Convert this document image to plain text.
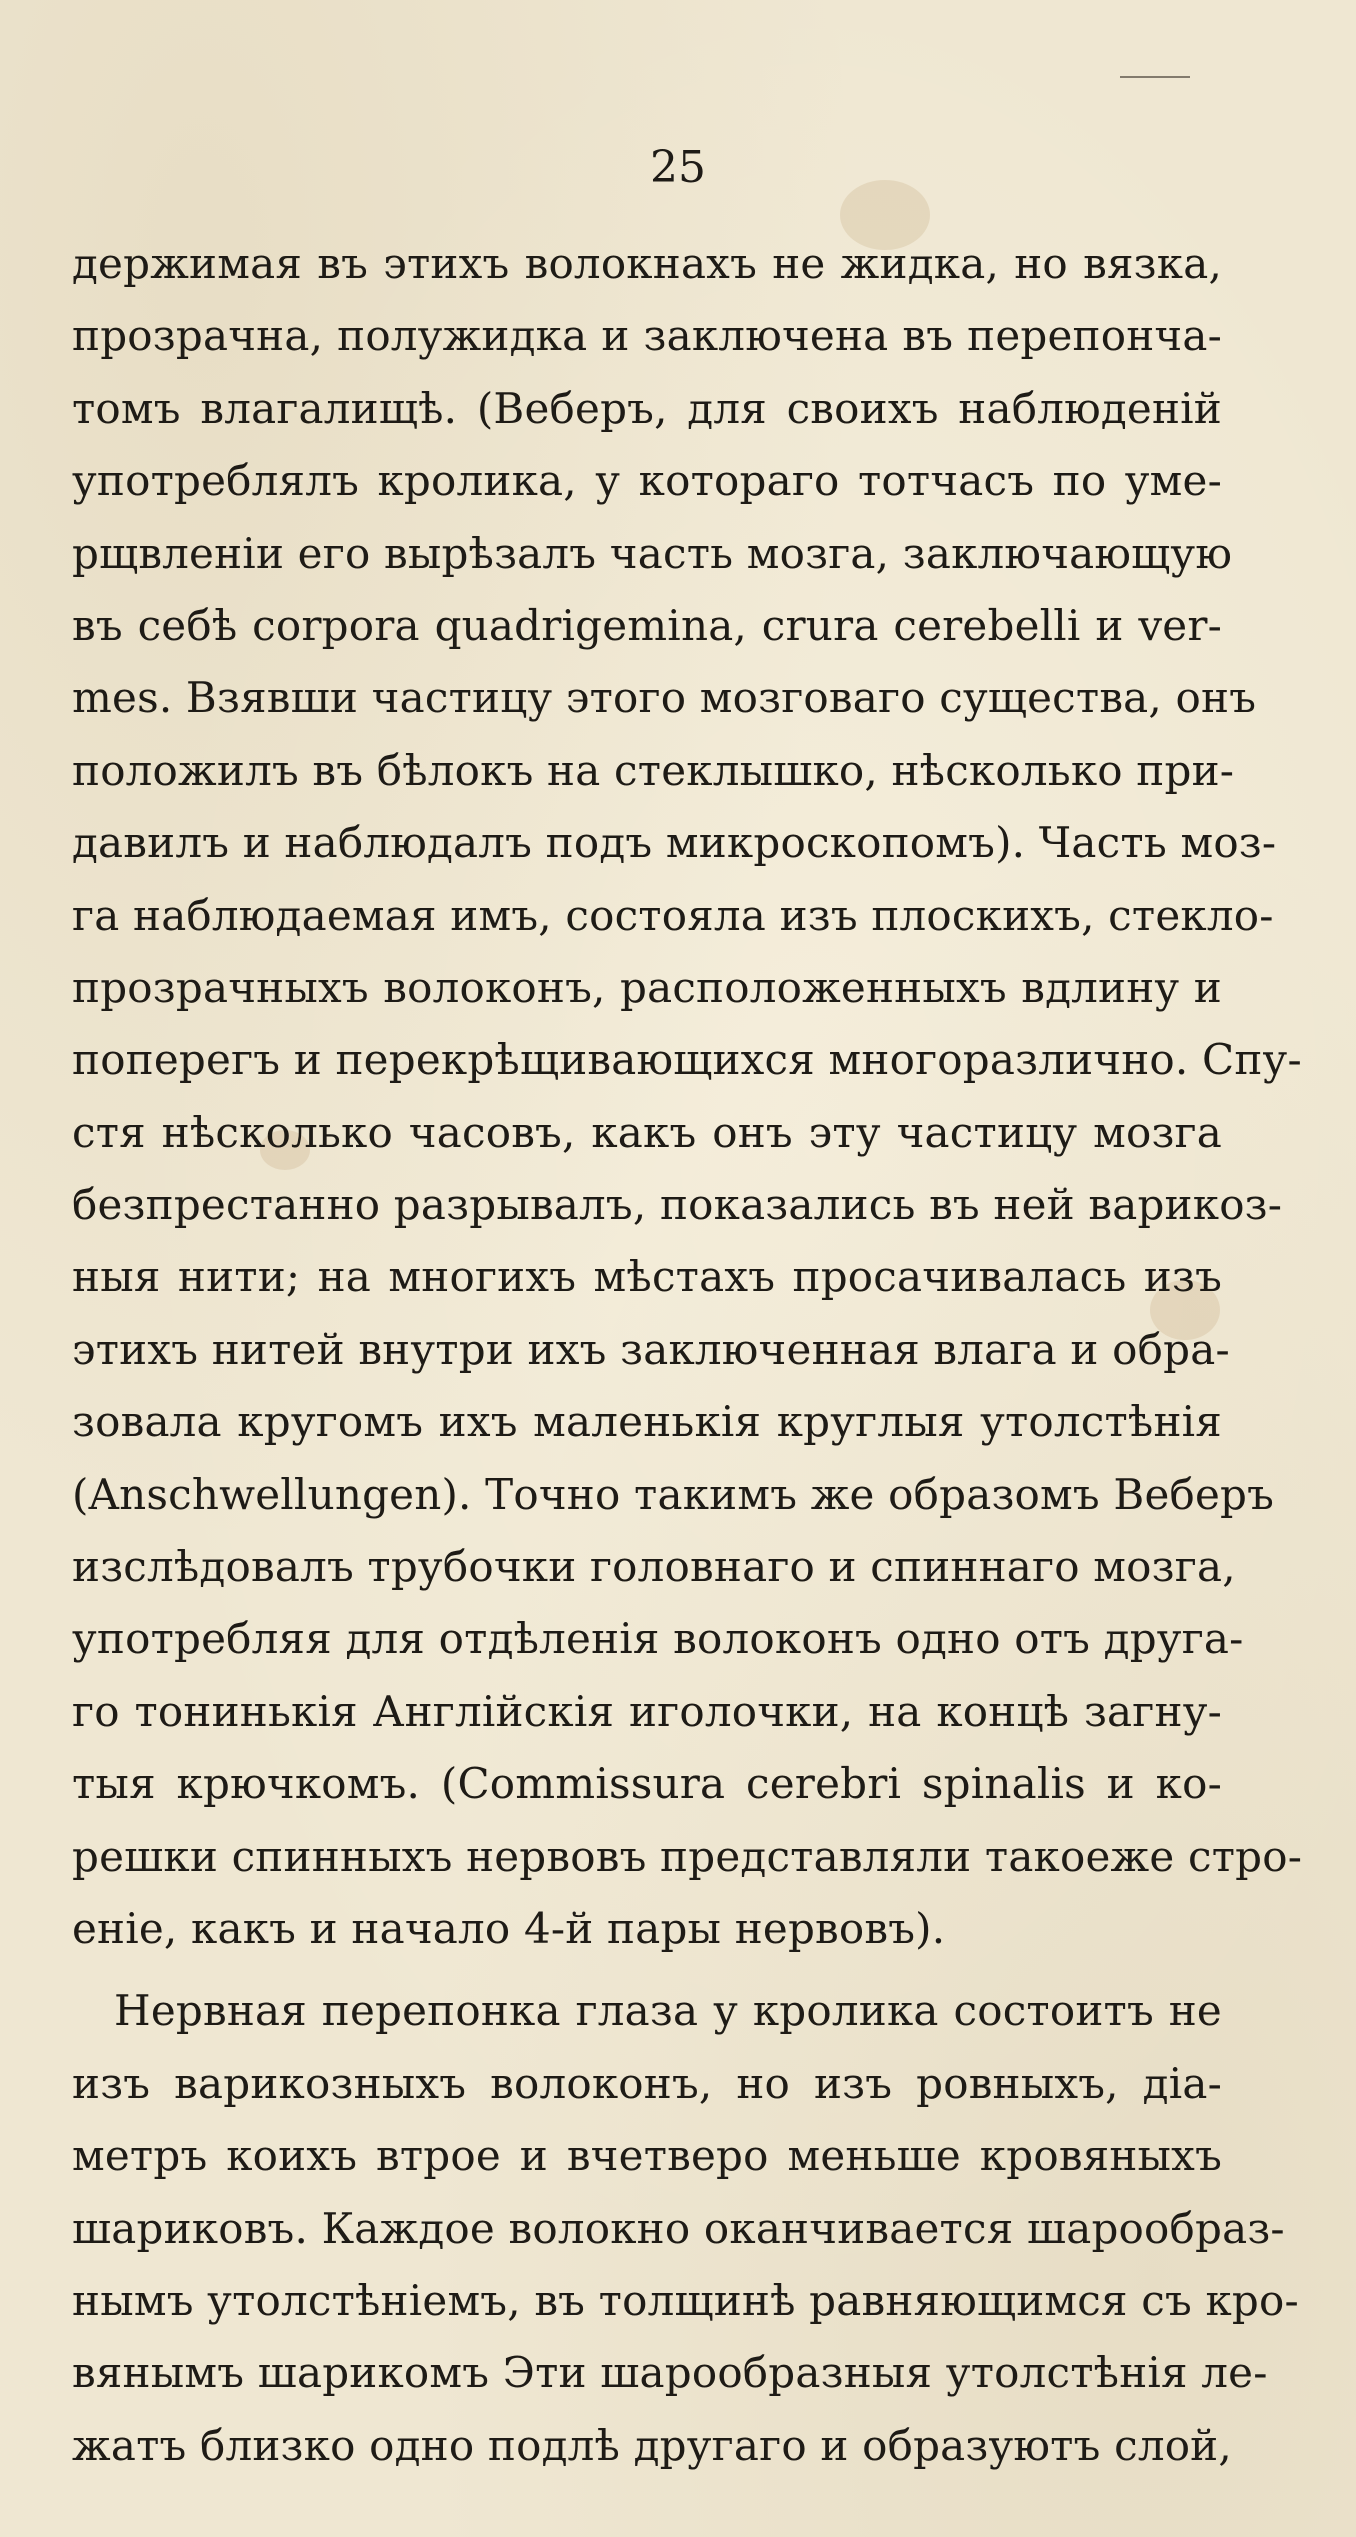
25
держимая въ этихъ волокнахъ не жидка, но вязка,
прозрачна, полужидка и заключена въ перепонча-
томъ влагалищѣ. (Веберъ, для своихъ наблюденій
употреблялъ кролика, у котораго тотчасъ по уме-
рщвленіи его вырѣзалъ часть мозга, заключающую
въ себѣ corpora quadrigemina, crura cerebelli и ver-
mes. Взявши частицу этого мозговаго существа, онъ
положилъ въ бѣлокъ на стеклышко, нѣсколько при-
давилъ и наблюдалъ подъ микроскопомъ). Часть моз-
га наблюдаемая имъ, состояла изъ плоскихъ, стекло-
прозрачныхъ волоконъ, расположенныхъ вдлину и
поперегъ и перекрѣщивающихся многоразлично. Спу-
стя нѣсколько часовъ, какъ онъ эту частицу мозга
безпрестанно разрывалъ, показались въ ней варикоз-
ныя нити; на многихъ мѣстахъ просачивалась изъ
этихъ нитей внутри ихъ заключенная влага и обра-
зовала кругомъ ихъ маленькія круглыя утолстѣнія
(Anschwellungen). Точно такимъ же образомъ Веберъ
изслѣдовалъ трубочки головнаго и спиннаго мозга,
употребляя для отдѣленія волоконъ одно отъ друга-
го тонинькія Англійскія иголочки, на концѣ загну-
тыя крючкомъ. (Commissura cerebri spinalis и ко-
решки спинныхъ нервовъ представляли такоеже стро-
еніе, какъ и начало 4-й пары нервовъ).
Нервная перепонка глаза у кролика состоитъ не
изъ варикозныхъ волоконъ, но изъ ровныхъ, діа-
метръ коихъ втрое и вчетверо меньше кровяныхъ
шариковъ. Каждое волокно оканчивается шарообраз-
нымъ утолстѣніемъ, въ толщинѣ равняющимся съ кро-
вянымъ шарикомъ Эти шарообразныя утолстѣнія ле-
жатъ близко одно подлѣ другаго и образуютъ слой,
